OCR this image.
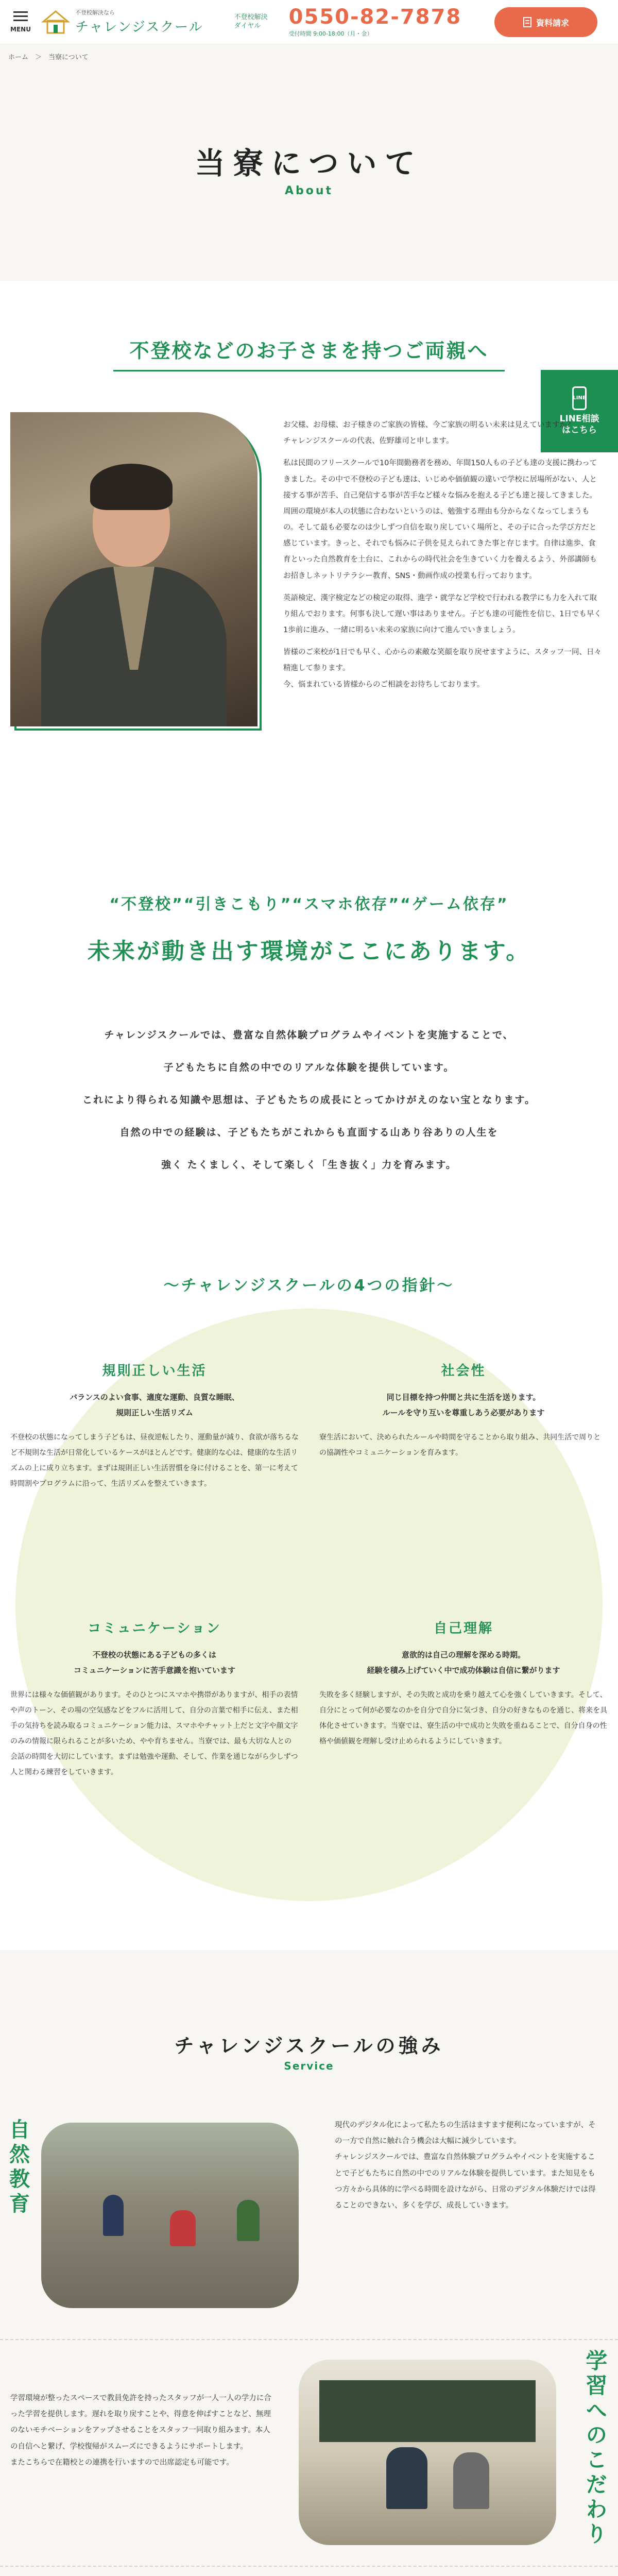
MENU
不登校解決なら
チャレンジスクール
不登校解決
ダイヤル	0550-82-7878
受付時間 9:00-18:00（月・金）
資料請求
ホーム　＞　当寮について
当寮について
About
不登校などのお子さまを持つご両親へ
LINE
LINE相談
はこちら

お父様、お母様、お子様きのご家族の皆様、今ご家族の明るい未来は見えていますか？
チャレンジスクールの代表、佐野雄司と申します。

私は民間のフリースクールで10年間勤務者を務め、年間150人もの子ども達の支援に携わってきました。その中で不登校の子ども達は、いじめや価値観の違いで学校に居場所がない、人と接する事が苦手、自己発信する事が苦手など様々な悩みを抱える子ども達と接してきました。周囲の環境が本人の状態に合わないというのは、勉強する理由も分からなくなってしまうもの。そして最も必要なのは少しずつ自信を取り戻していく場所と、その子に合った学び方だと感じています。きっと、それでも悩みに子供を見えられてきた事と存じます。自律は進歩、食育といった自然教育を土台に、これからの時代社会を生きていく力を養えるよう、外部講師もお招きしネットリテラシー教育、SNS・動画作成の授業も行っております。

英語検定、漢字検定などの検定の取得、進学・就学など学校で行われる教学にも力を入れて取り組んでおります。何事も決して遅い事はありません。子ども達の可能性を信じ、1日でも早く1歩前に進み、一緒に明るい未来の家族に向けて進んでいきましょう。

皆様のご来校が1日でも早く、心からの素敵な笑顔を取り戻せますように、スタッフ一同、日々精進して参ります。
今、悩まれている皆様からのご相談をお待ちしております。

“不登校”“引きこもり”“スマホ依存”“ゲーム依存”
未来が動き出す環境がここにあります。

チャレンジスクールでは、豊富な自然体験プログラムやイベントを実施することで、

子どもたちに自然の中でのリアルな体験を提供しています。

これにより得られる知識や思想は、子どもたちの成長にとってかけがえのない宝となります。

自然の中での経験は、子どもたちがこれからも直面する山あり谷ありの人生を

強く たくましく、そして楽しく「生き抜く」力を育みます。

～チャレンジスクールの4つの指針～
規則正しい生活
バランスのよい食事、適度な運動、良質な睡眠、
規則正しい生活リズム
不登校の状態になってしまう子どもは、昼夜逆転したり、運動量が減り、食欲が落ちるなど不規則な生活が日常化しているケースがほとんどです。健康的な心は、健康的な生活リズムの上に成り立ちます。まずは規則正しい生活習慣を身に付けることを、第一に考えて時間割やプログラムに沿って、生活リズムを整えていきます。
社会性
同じ目標を持つ仲間と共に生活を送ります。
ルールを守り互いを尊重しあう必要があります
寮生活において、決められたルールや時間を守ることから取り組み、共同生活で周りとの協調性やコミュニケーションを育みます。
コミュニケーション
不登校の状態にある子どもの多くは
コミュニケーションに苦手意識を抱いています
世界には様々な価値観があります。そのひとつにスマホや携帯がありますが、相手の表情や声のトーン、その場の空気感などをフルに活用して、自分の言葉で相手に伝え、また相手の気持ちを読み取るコミュニケーション能力は、スマホやチャット上だと文字や顔文字のみの情報に限られることが多いため、やや育ちません。当寮では、最も大切な人との会話の時間を大切にしています。まずは勉強や運動、そして、作業を通じながら少しずつ人と関わる練習をしていきます。
自己理解
意欲的は自己の理解を深める時期。
経験を積み上げていく中で成功体験は自信に繋がります
失敗を多く経験しますが、その失敗と成功を乗り越えて心を強くしていきます。そして、自分にとって何が必要なのかを自分で自分に気づき、自分の好きなものを通じ、将来を具体化させていきます。当寮では、寮生活の中で成功と失敗を重ねることで、自分自身の性格や価値観を理解し受け止められるようにしていきます。
チャレンジスクールの強み
Service
自然教育
現代のデジタル化によって私たちの生活はますます便利になっていますが、その一方で自然に触れ合う機会は大幅に減少しています。
チャレンジスクールでは、豊富な自然体験プログラムやイベントを実施することで子どもたちに自然の中でのリアルな体験を提供しています。また知見をもつ方々から具体的に学べる時間を設けながら、日常のデジタル体験だけでは得ることのできない、多くを学び、成長していきます。
学習環境が整ったスペースで教員免許を持ったスタッフが一人一人の学力に合った学習を提供します。遅れを取り戻すことや、得意を伸ばすことなど、無理のないモチベーションをアップさせることをスタッフ一同取り組みます。本人の自信へと繋げ、学校復帰がスムーズにできるようにサポートします。
またこちらで在籍校との連携を行いますので出席認定も可能です。	学習へのこだわり
